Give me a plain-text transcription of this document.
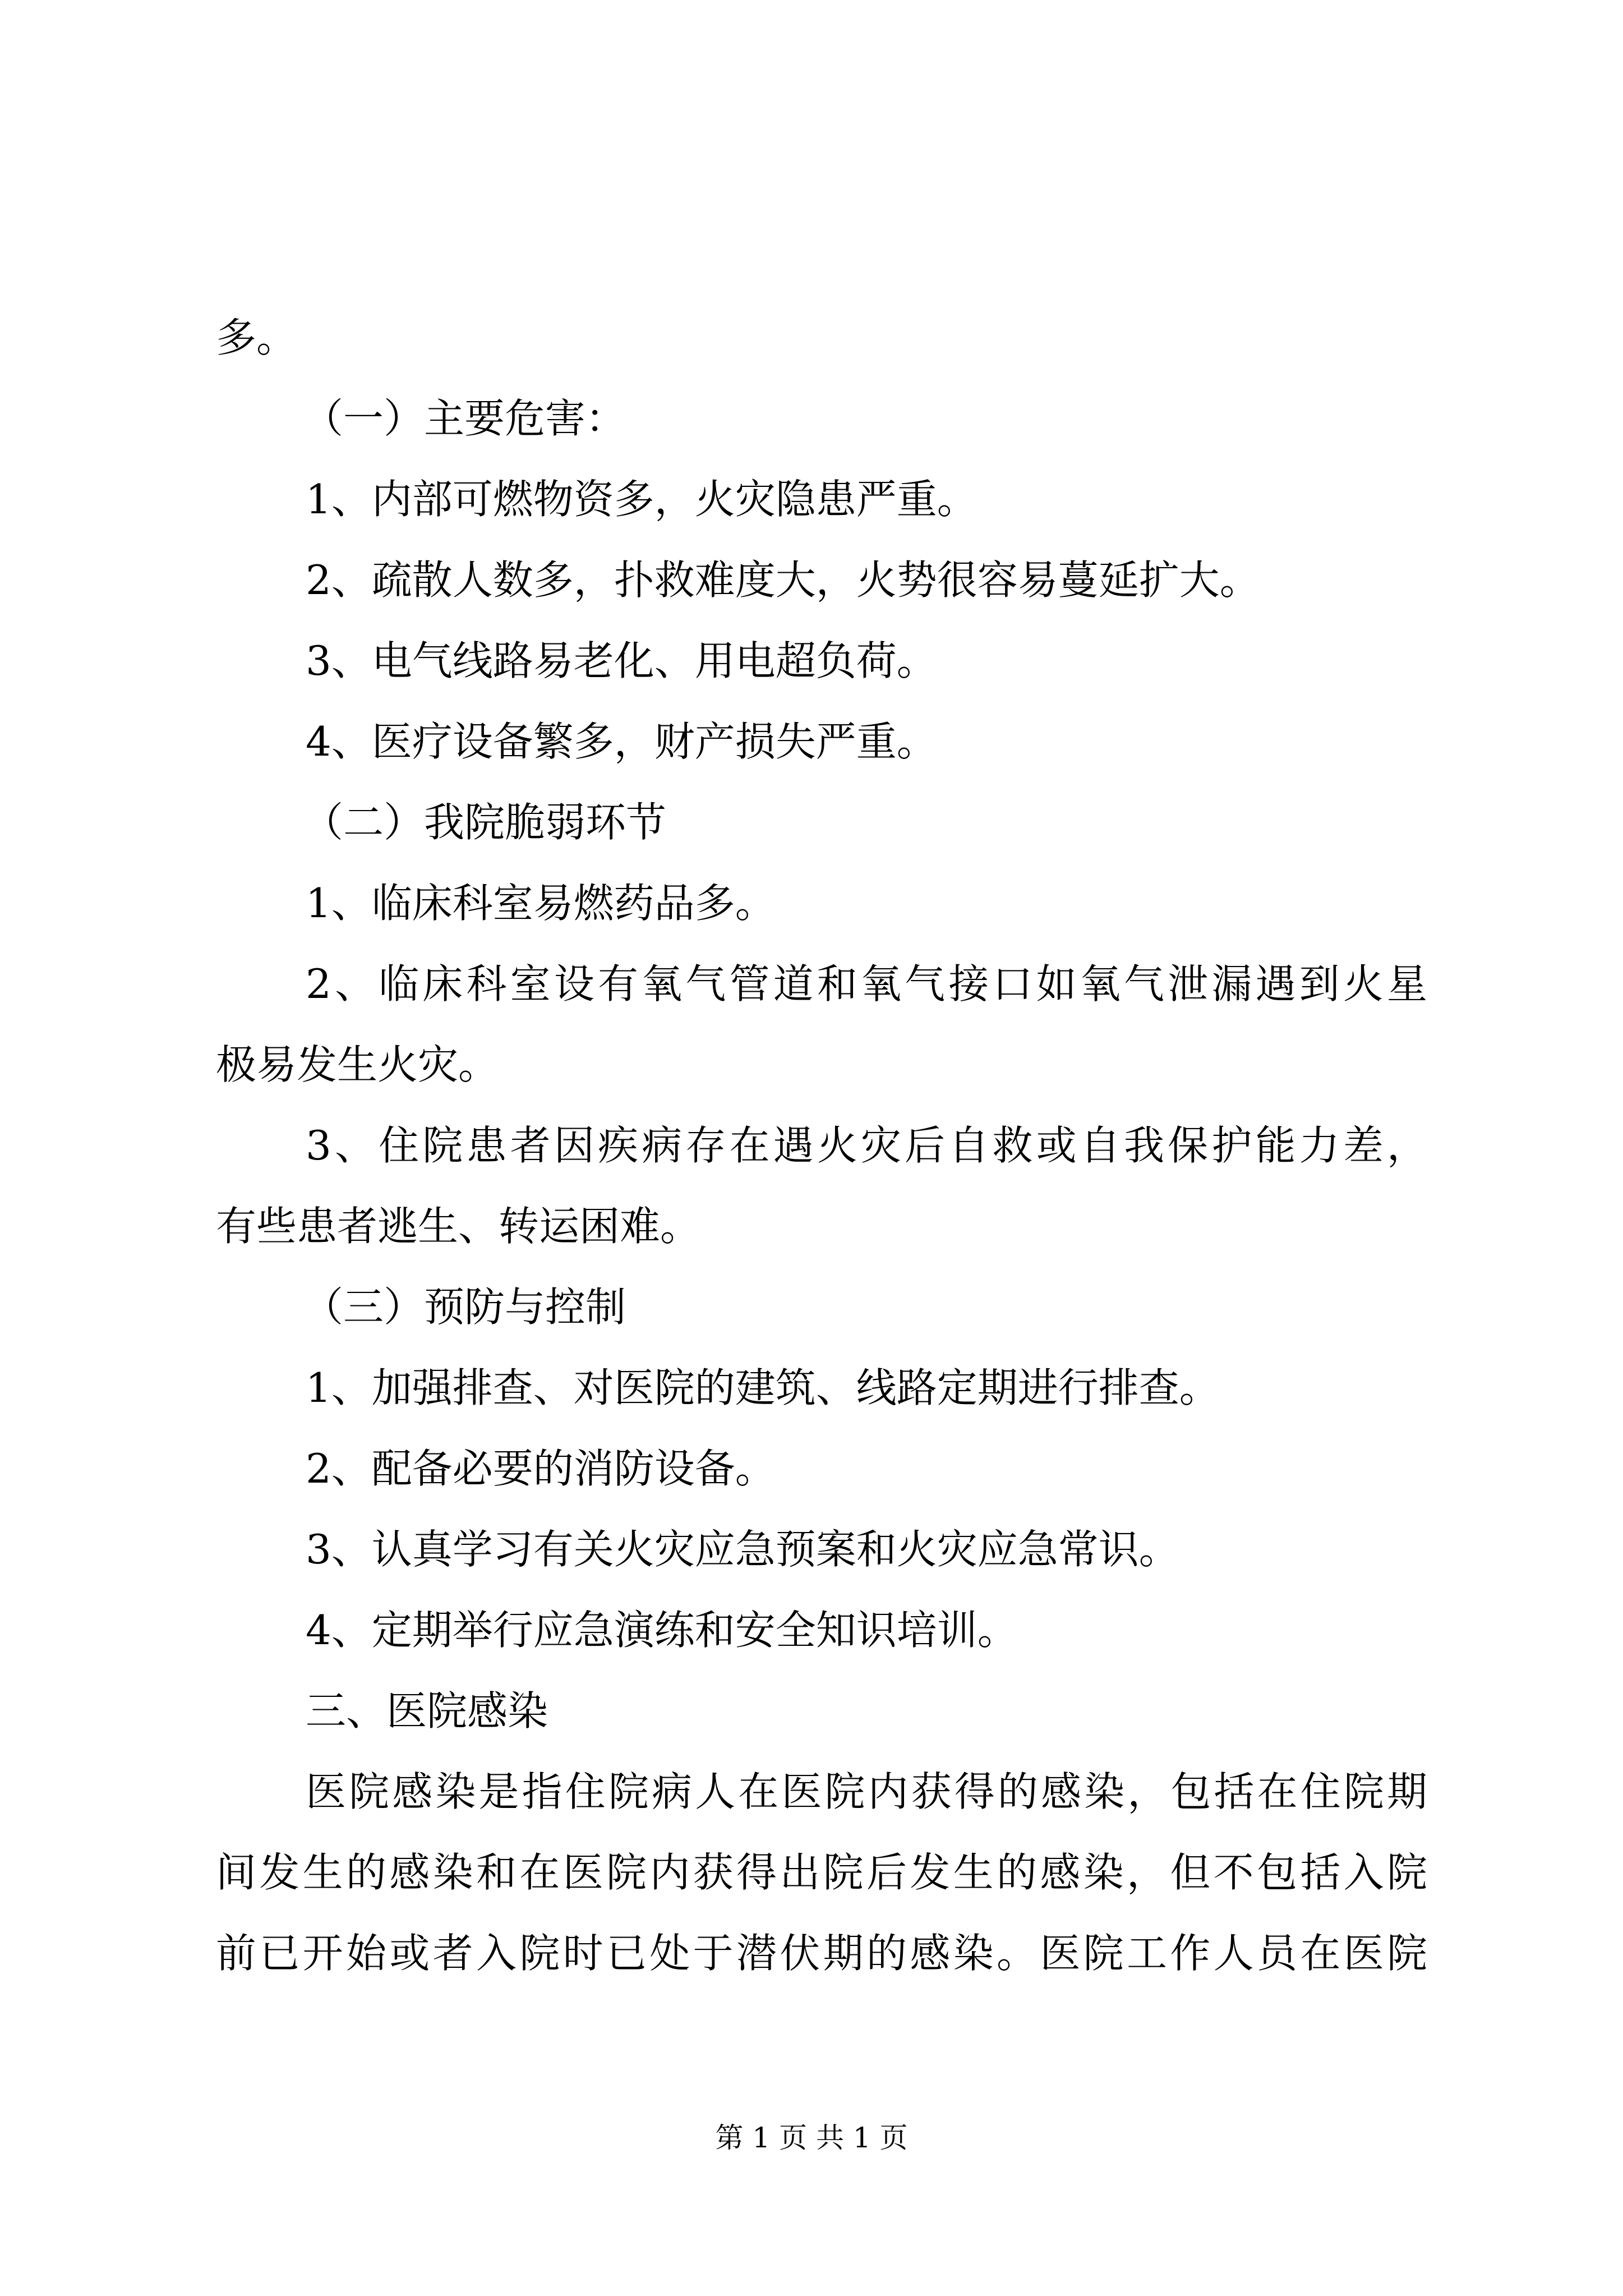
多。
（一）主要危害：
1、内部可燃物资多，火灾隐患严重。
2、疏散人数多，扑救难度大，火势很容易蔓延扩大。
3、电气线路易老化、用电超负荷。
4、医疗设备繁多，财产损失严重。
（二）我院脆弱环节
1、临床科室易燃药品多。
2、临床科室设有氧气管道和氧气接口如氧气泄漏遇到火星
极易发生火灾。
3、住院患者因疾病存在遇火灾后自救或自我保护能力差，
有些患者逃生、转运困难。
（三）预防与控制
1、加强排查、对医院的建筑、线路定期进行排查。
2、配备必要的消防设备。
3、认真学习有关火灾应急预案和火灾应急常识。
4、定期举行应急演练和安全知识培训。
三、医院感染
医院感染是指住院病人在医院内获得的感染，包括在住院期
间发生的感染和在医院内获得出院后发生的感染，但不包括入院
前已开始或者入院时已处于潜伏期的感染。医院工作人员在医院
第 1 页 共 1 页
